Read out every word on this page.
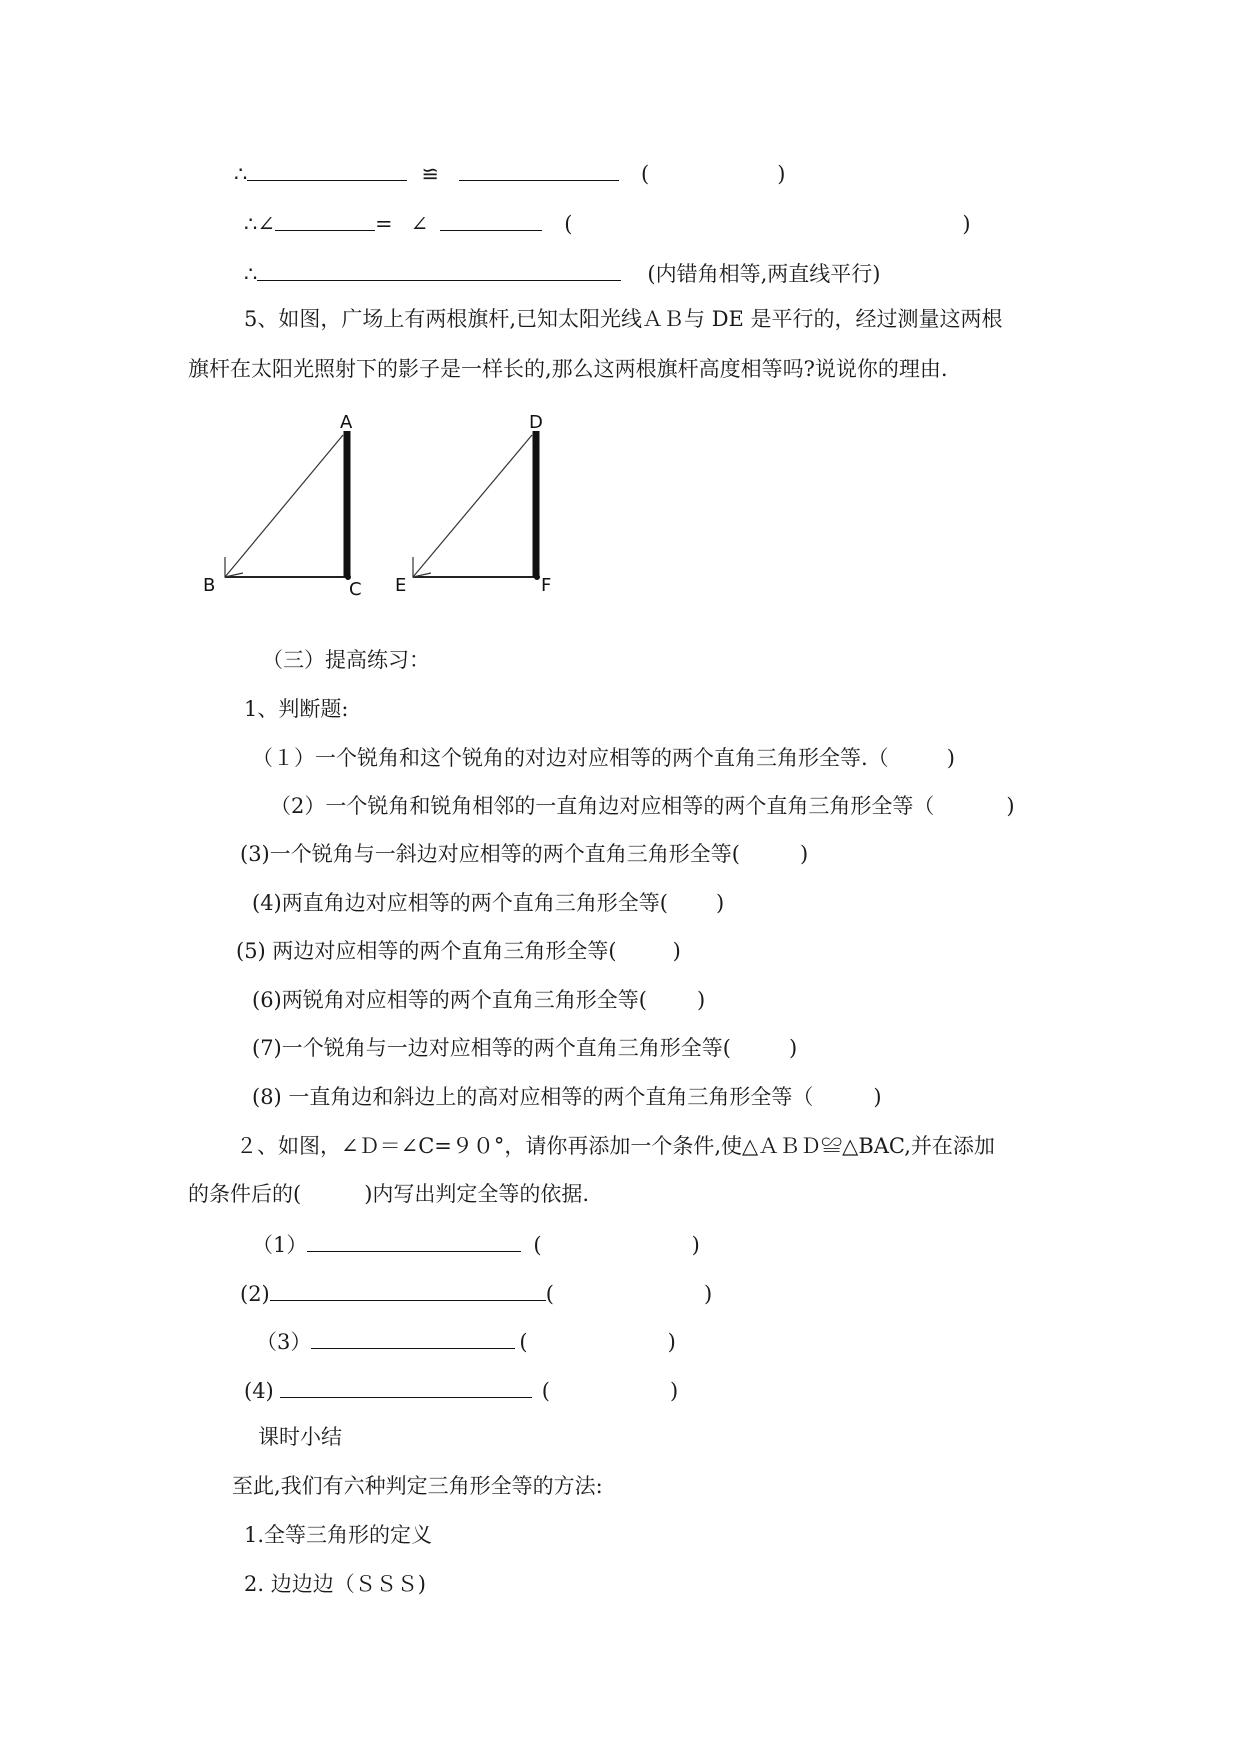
∴	≌	(	)
∴∠	= ∠	(	)
∴	(内错角相等,两直线平行)
5、如图，广场上有两根旗杆,已知太阳光线ＡＢ与 DE 是平行的，经过测量这两根
旗杆在太阳光照射下的影子是一样长的,那么这两根旗杆高度相等吗?说说你的理由.
A
B	C
D
E	F
（三）提高练习：
1、判断题:
（１）一个锐角和这个锐角的对边对应相等的两个直角三角形全等.（	)
（2）一个锐角和锐角相邻的一直角边对应相等的两个直角三角形全等（	)
(3)一个锐角与一斜边对应相等的两个直角三角形全等(	)
(4)两直角边对应相等的两个直角三角形全等( )
(5) 两边对应相等的两个直角三角形全等(	)
(6)两锐角对应相等的两个直角三角形全等( )
(7)一个锐角与一边对应相等的两个直角三角形全等(	)
(8) 一直角边和斜边上的高对应相等的两个直角三角形全等（	)
２、如图，∠Ｄ＝∠C=９０°，请你再添加一个条件,使△ＡＢＤ≌△BAC,并在添加
的条件后的(　　　)内写出判定全等的依据.
（1）	(	)
(2)	(	)
（3）	(	)
(4)	(	)
课时小结
至此,我们有六种判定三角形全等的方法:
1.全等三角形的定义
2. 边边边（ＳＳＳ)
